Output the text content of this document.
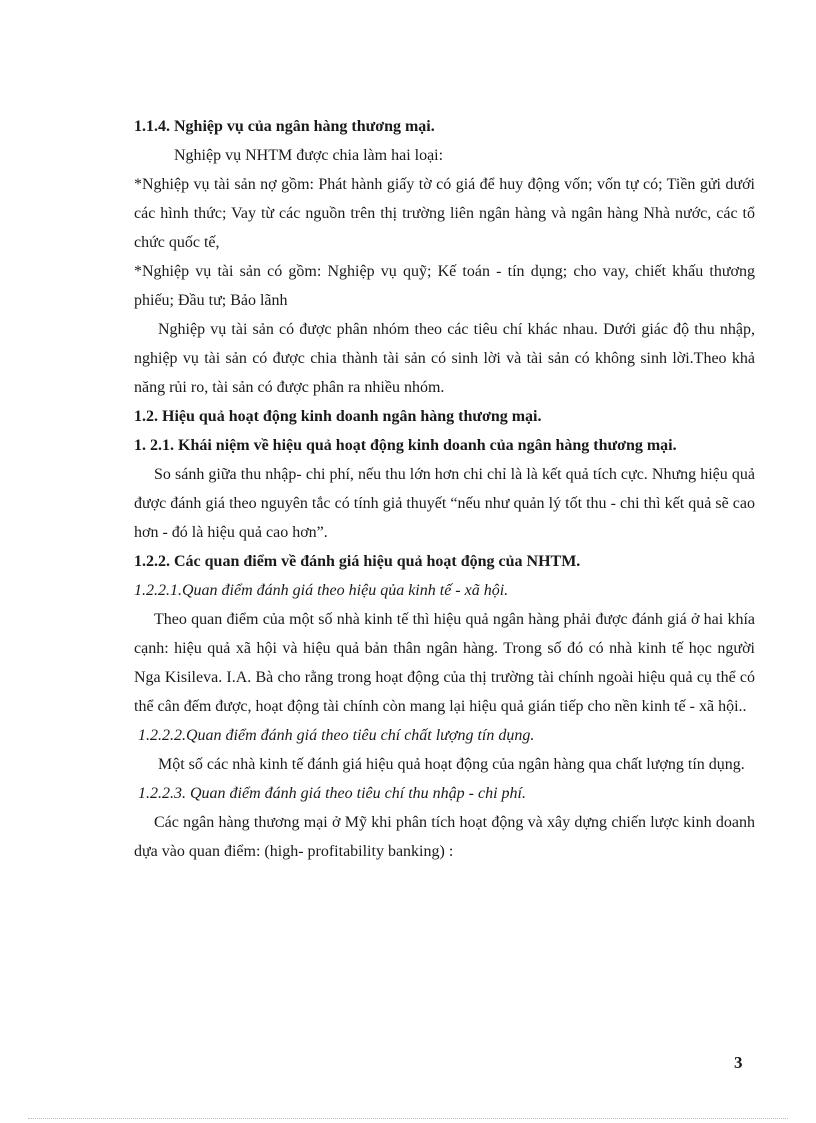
1.1.4. Nghiệp vụ của ngân hàng thương mại.

Nghiệp vụ NHTM được chia làm hai loại:

*Nghiệp vụ tài sản nợ gồm: Phát hành giấy tờ có giá để huy động vốn; vốn tự có; Tiền gửi dưới các hình thức; Vay từ các nguồn trên thị trường liên ngân hàng và ngân hàng Nhà nước, các tổ chức quốc tế,

*Nghiệp vụ tài sản có gồm: Nghiệp vụ quỹ; Kế toán - tín dụng; cho vay, chiết khấu thương phiếu; Đầu tư; Bảo lãnh

Nghiệp vụ tài sản có được phân nhóm theo các tiêu chí khác nhau. Dưới giác độ thu nhập, nghiệp vụ tài sản có được chia thành tài sản có sinh lời và tài sản có không sinh lời.Theo khả năng rủi ro, tài sản có được phân ra nhiều nhóm.

1.2. Hiệu quả hoạt động kinh doanh ngân hàng thương mại.

1. 2.1. Khái niệm về hiệu quả hoạt động kinh doanh của ngân hàng thương mại.

So sánh giữa thu nhập- chi phí, nếu thu lớn hơn chi chỉ là là kết quả tích cực. Nhưng hiệu quả được đánh giá theo nguyên tắc có tính giả thuyết “nếu như quản lý tốt thu - chi thì kết quả sẽ cao hơn - đó là hiệu quả cao hơn”.

1.2.2. Các quan điểm về đánh giá hiệu quả hoạt động của NHTM.

1.2.2.1.Quan điểm đánh giá theo hiệu qủa kinh tế - xã hội.

Theo quan điểm của một số nhà kinh tế thì hiệu quả ngân hàng phải được đánh giá ở hai khía cạnh: hiệu quả xã hội và hiệu quả bản thân ngân hàng. Trong số đó có nhà kinh tế học người Nga Kisileva. I.A. Bà cho rằng trong hoạt động của thị trường tài chính ngoài hiệu quả cụ thể có thể cân đếm được, hoạt động tài chính còn mang lại hiệu quả gián tiếp cho nền kinh tế - xã hội..

1.2.2.2.Quan điểm đánh giá theo tiêu chí chất lượng tín dụng.

Một số các nhà kinh tế đánh giá hiệu quả hoạt động của ngân hàng qua chất lượng tín dụng.

1.2.2.3. Quan điểm đánh giá theo tiêu chí thu nhập - chi phí.

Các ngân hàng thương mại ở Mỹ khi phân tích hoạt động và xây dựng chiến lược kinh doanh dựa vào quan điểm: (high- profitability banking) :

3
